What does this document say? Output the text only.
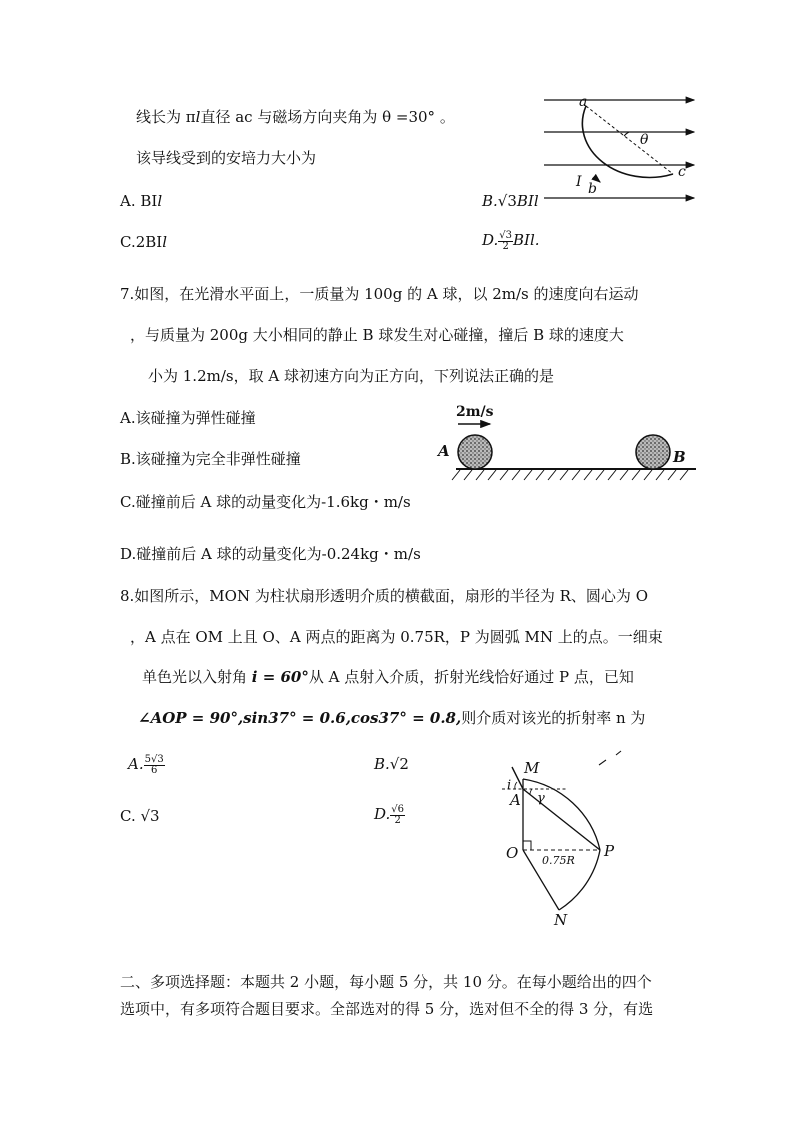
线长为 πl直径 ac 与磁场方向夹角为 θ =30° 。
该导线受到的安培力大小为
A. BIl	B.√3BIl
C.2BIl	D. $\frac{√3}{2}$ BIl.
a
θ
c
I b
7.如图，在光滑水平面上，一质量为 100g 的 A 球，以 2m/s 的速度向右运动
，与质量为 200g 大小相同的静止 B 球发生对心碰撞，撞后 B 球的速度大
小为 1.2m/s，取 A 球初速方向为正方向，下列说法正确的是
A.该碰撞为弹性碰撞
B.该碰撞为完全非弹性碰撞
C.碰撞前后 A 球的动量变化为-1.6kg・m/s
D.碰撞前后 A 球的动量变化为-0.24kg・m/s
2m/s
A	B
8.如图所示，MON 为柱状扇形透明介质的横截面，扇形的半径为 R、圆心为 O
，A 点在 OM 上且 O、A 两点的距离为 0.75R，P 为圆弧 MN 上的点。一细束
单色光以入射角 i = 60°从 A 点射入介质，折射光线恰好通过 P 点，已知
∠AOP = 90°,sin37° = 0.6,cos37° = 0.8,则介质对该光的折射率 n 为
A. $\frac{5√3}{6}$	B.√2
C. √3	D. $\frac{√6}{2}$
M
i
A γ
O 0.75R
P
N
二、多项选择题：本题共 2 小题，每小题 5 分，共 10 分。在每小题给出的四个
选项中，有多项符合题目要求。全部选对的得 5 分，选对但不全的得 3 分，有选
